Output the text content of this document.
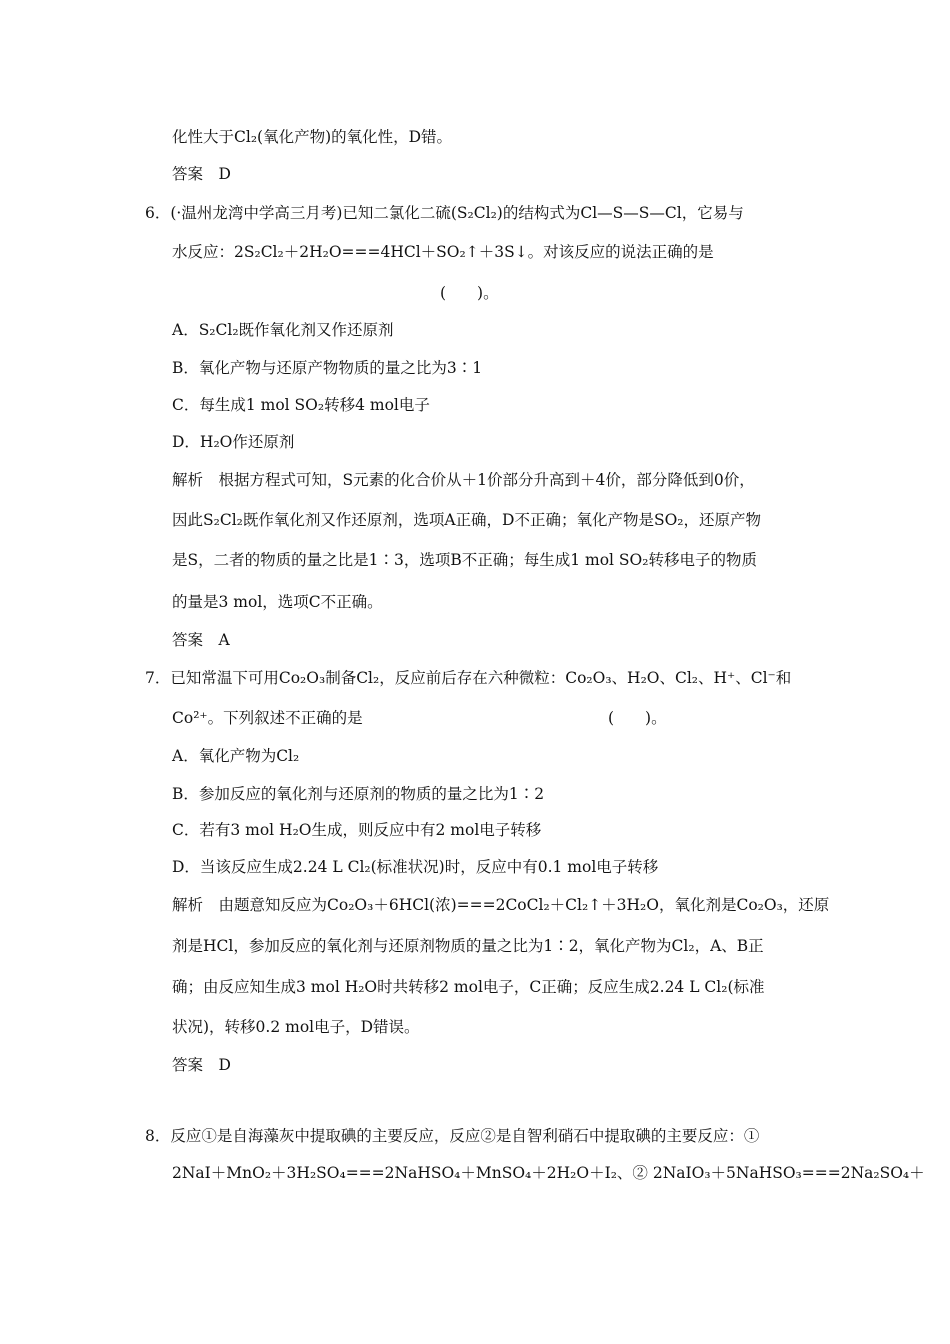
化性大于Cl₂(氧化产物)的氧化性，D错。
答案　D
6．(·温州龙湾中学高三月考)已知二氯化二硫(S₂Cl₂)的结构式为Cl—S—S—Cl，它易与
水反应：2S₂Cl₂＋2H₂O===4HCl＋SO₂↑＋3S↓。对该反应的说法正确的是
(　　)。
A．S₂Cl₂既作氧化剂又作还原剂
B．氧化产物与还原产物物质的量之比为3∶1
C．每生成1 mol SO₂转移4 mol电子
D．H₂O作还原剂
解析　根据方程式可知，S元素的化合价从＋1价部分升高到＋4价，部分降低到0价，
因此S₂Cl₂既作氧化剂又作还原剂，选项A正确，D不正确；氧化产物是SO₂，还原产物
是S，二者的物质的量之比是1∶3，选项B不正确；每生成1 mol SO₂转移电子的物质
的量是3 mol，选项C不正确。
答案　A
7．已知常温下可用Co₂O₃制备Cl₂，反应前后存在六种微粒：Co₂O₃、H₂O、Cl₂、H⁺、Cl⁻和
Co²⁺。下列叙述不正确的是	(　　)。
A．氧化产物为Cl₂
B．参加反应的氧化剂与还原剂的物质的量之比为1∶2
C．若有3 mol H₂O生成，则反应中有2 mol电子转移
D．当该反应生成2.24 L Cl₂(标准状况)时，反应中有0.1 mol电子转移
解析　由题意知反应为Co₂O₃＋6HCl(浓)===2CoCl₂＋Cl₂↑＋3H₂O，氧化剂是Co₂O₃，还原
剂是HCl，参加反应的氧化剂与还原剂物质的量之比为1∶2，氧化产物为Cl₂，A、B正
确；由反应知生成3 mol H₂O时共转移2 mol电子，C正确；反应生成2.24 L Cl₂(标准
状况)，转移0.2 mol电子，D错误。
答案　D
8．反应①是自海藻灰中提取碘的主要反应，反应②是自智利硝石中提取碘的主要反应：①
2NaI＋MnO₂＋3H₂SO₄===2NaHSO₄＋MnSO₄＋2H₂O＋I₂、② 2NaIO₃＋5NaHSO₃===2Na₂SO₄＋
